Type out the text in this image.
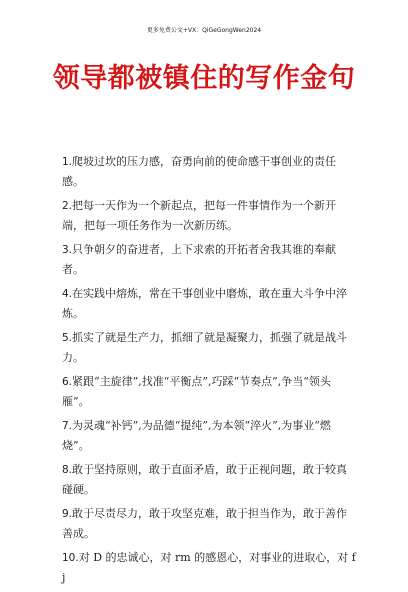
更多免费公文+VX：QiGeGongWen2024
领导都被镇住的写作金句

1.爬坡过坎的压力感，奋勇向前的使命感干事创业的责任感。

2.把每一天作为一个新起点，把每一件事情作为一个新开端，把每一项任务作为一次新历练。

3.只争朝夕的奋进者，上下求索的开拓者舍我其谁的奉献者。

4.在实践中熔炼，常在干事创业中磨炼，敢在重大斗争中淬炼。

5.抓实了就是生产力，抓细了就是凝聚力，抓强了就是战斗力。

6.紧跟“主旋律”,找准“平衡点”,巧踩“节奏点”,争当“领头雁”。

7.为灵魂“补钙”,为品德“提纯”,为本领“淬火”,为事业“燃烧”。

8.敢于坚持原则，敢于直面矛盾，敢于正视问题，敢于较真碰硬。

9.敢于尽责尽力，敢于攻坚克难，敢于担当作为，敢于善作善成。

10.对 D 的忠诚心，对 rm 的感恩心，对事业的进取心，对 fj
